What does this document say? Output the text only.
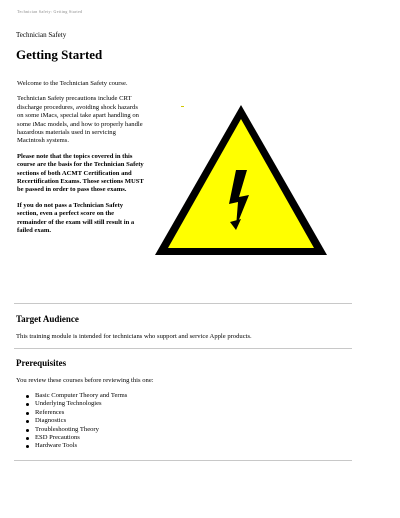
Technician Safety: Getting Started
Technician Safety
Getting Started

Welcome to the Technician Safety course.

Technician Safety precautions include CRT discharge procedures, avoiding shock hazards on some iMacs, special take apart handling on some iMac models, and how to properly handle hazardous materials used in servicing Macintosh systems.

Please note that the topics covered in this course are the basis for the Technician Safety sections of both ACMT Certification and Recertification Exams. Those sections MUST be passed in order to pass those exams.

If you do not pass a Technician Safety section, even a perfect score on the remainder of the exam will still result in a failed exam.

Target Audience
This training module is intended for technicians who support and service Apple products.
Prerequisites
You review these courses before reviewing this one:
Basic Computer Theory and Terms
Underlying Technologies
References
Diagnostics
Troubleshooting Theory
ESD Precautions
Hardware Tools
